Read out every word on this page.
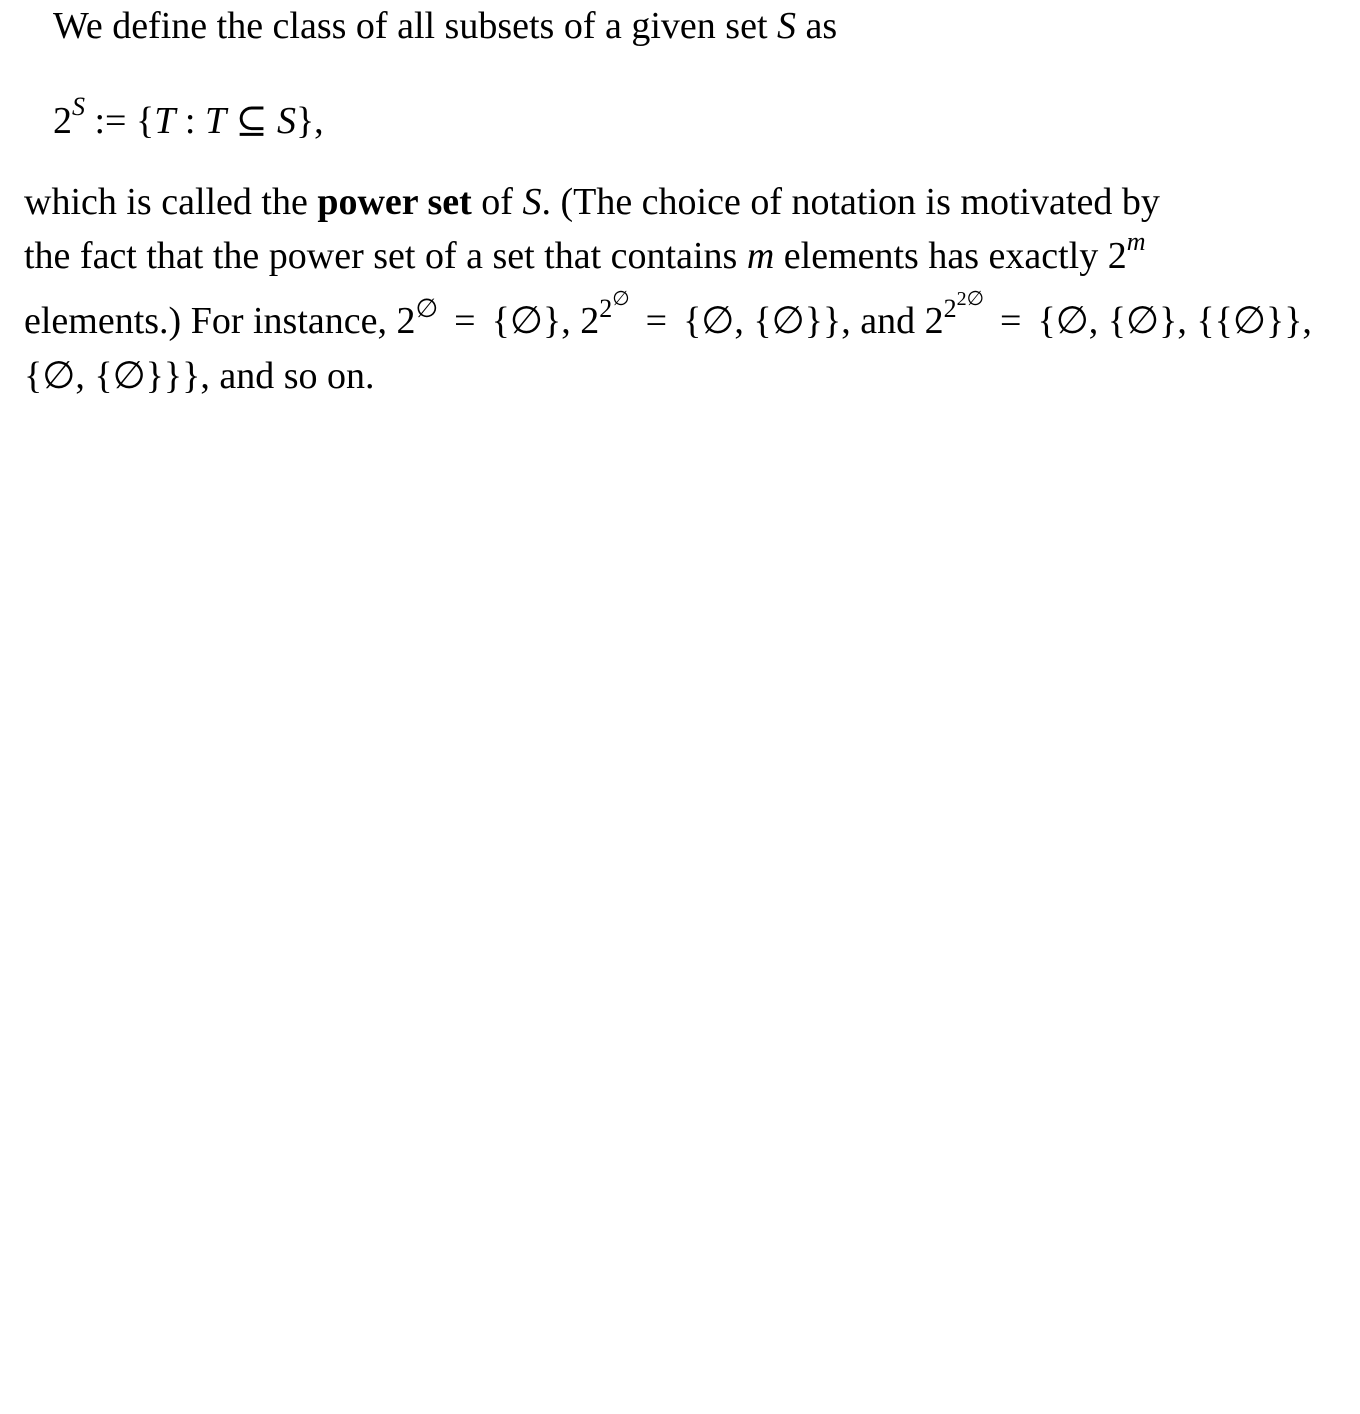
We define the class of all subsets of a given set S as

$2^S$ := {T : T ⊆ S},

which is called the power set of S. (The choice of notation is motivated by
the fact that the power set of a set that contains m elements has exactly 2$^m$
elements.) For instance, 2∅ = {∅}, $2^{2\emptyset}=$ {∅, {∅}}, and $2^{22\emptyset}=$ {∅, {∅}, {{∅}},
{∅, {∅}}}, and so on.
